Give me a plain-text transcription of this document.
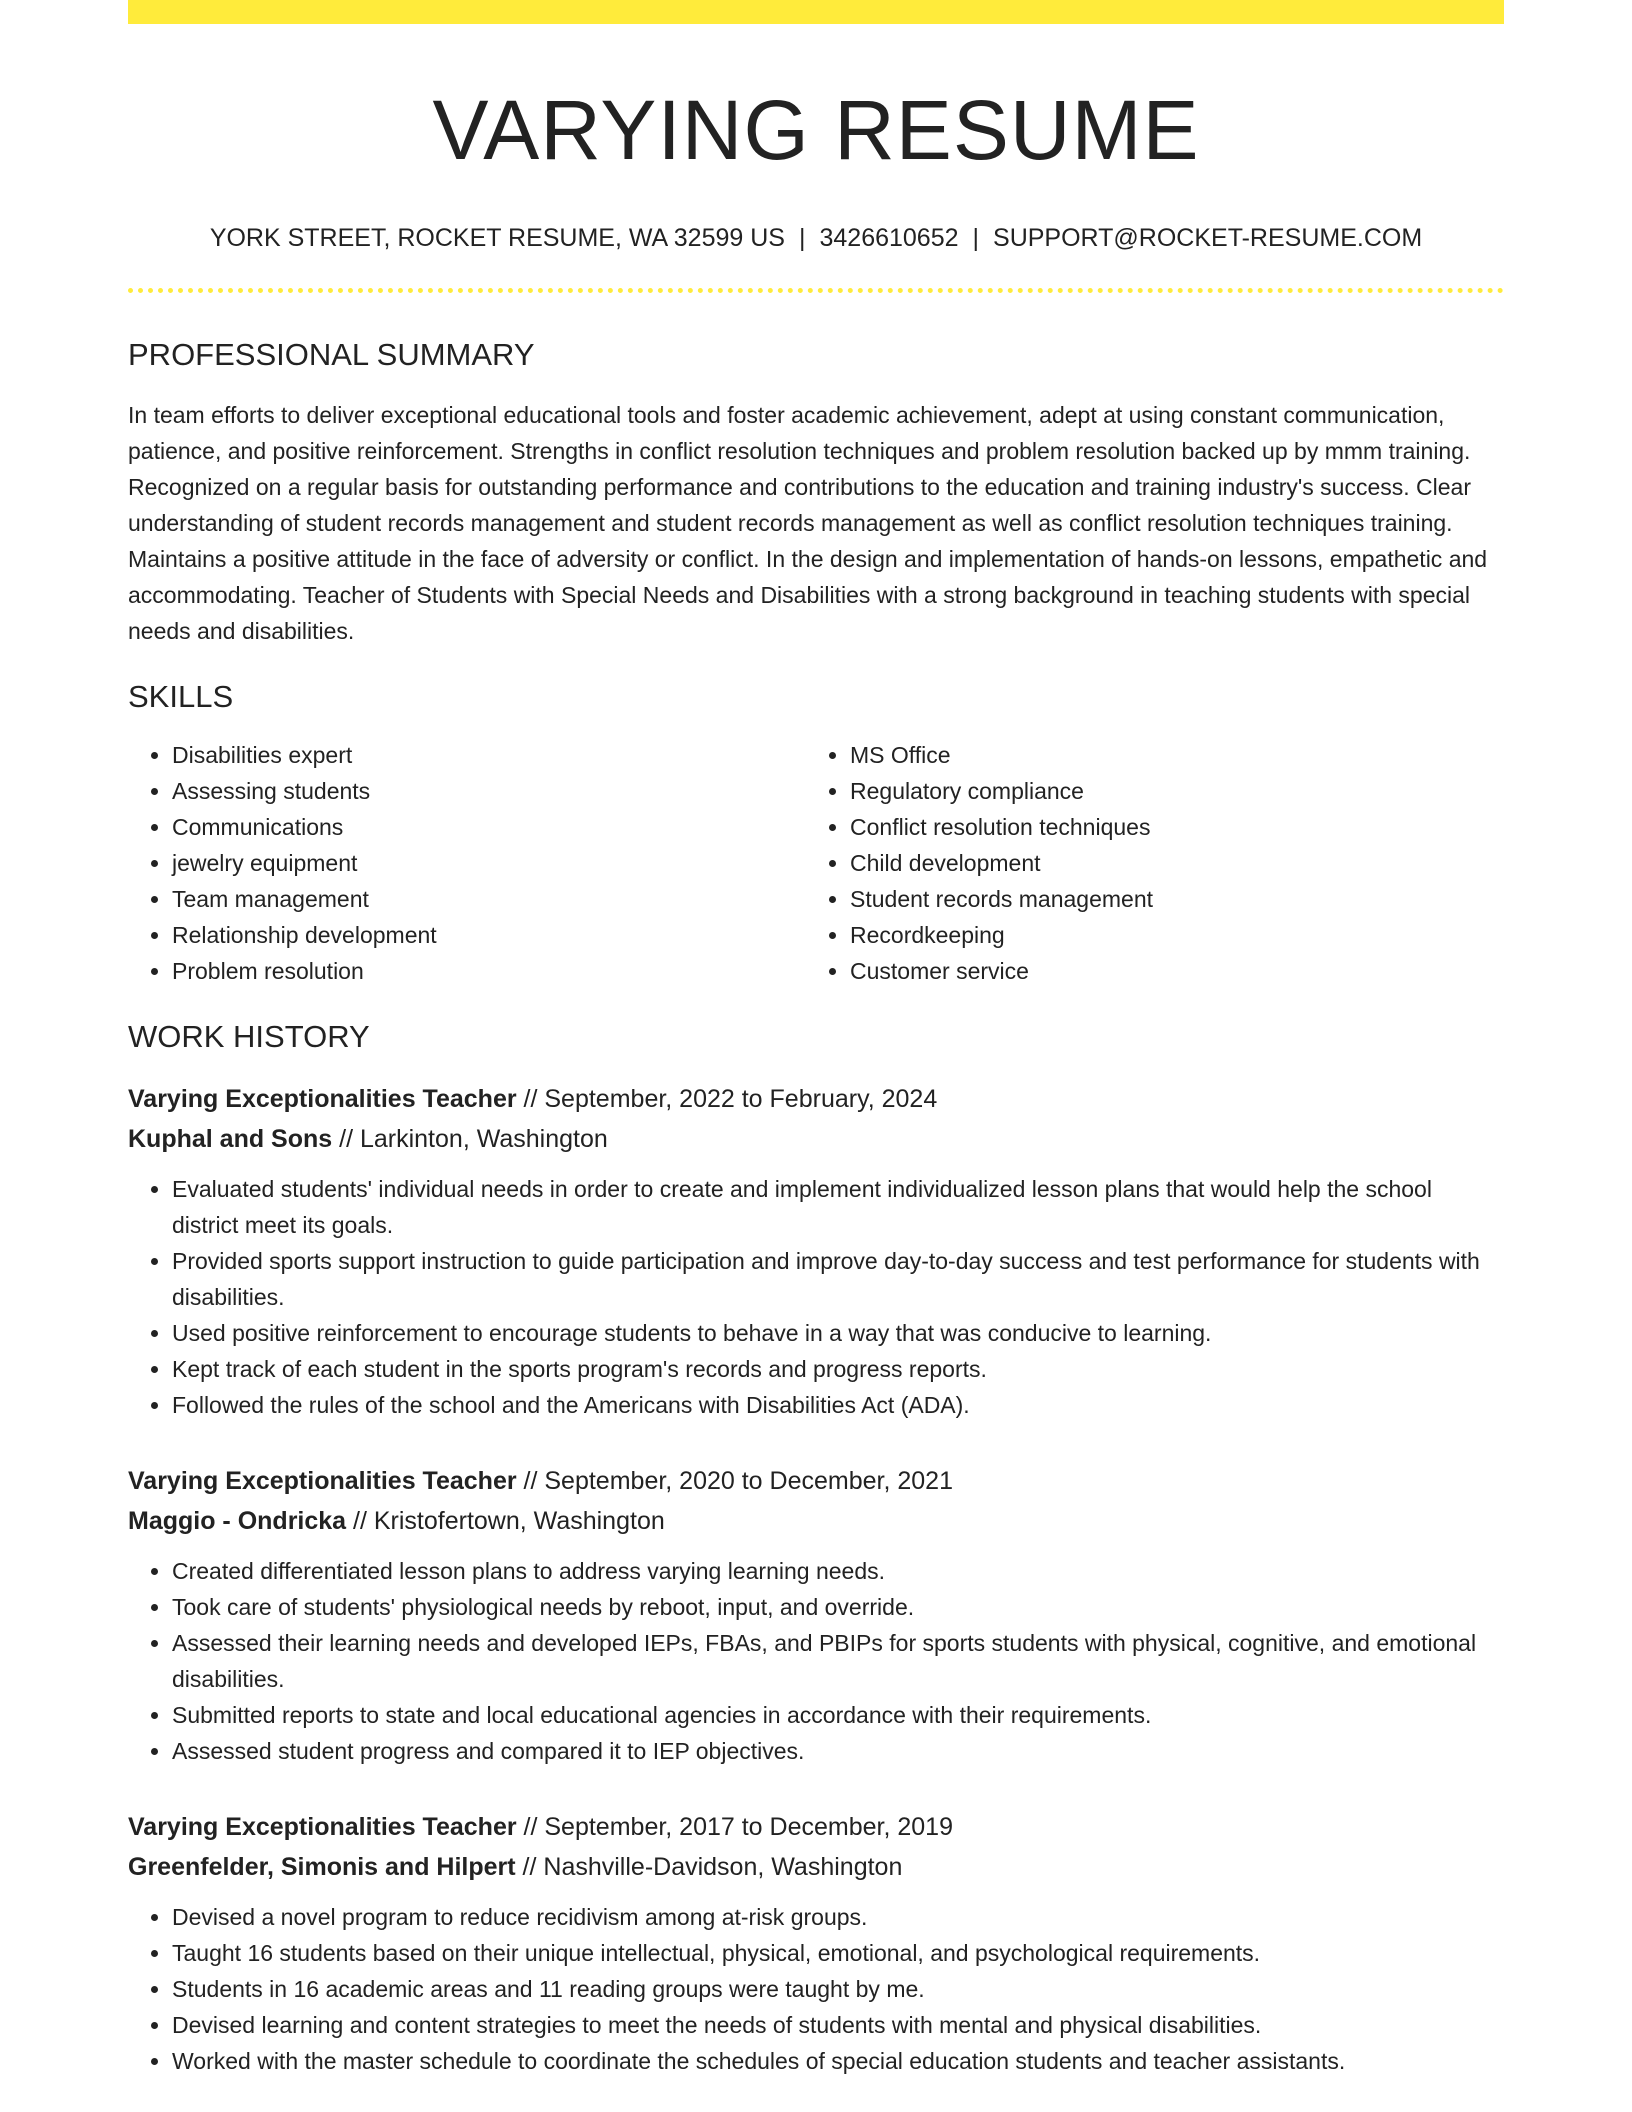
VARYING RESUME
YORK STREET, ROCKET RESUME, WA 32599 US | 3426610652 | SUPPORT@ROCKET-RESUME.COM
PROFESSIONAL SUMMARY

In team efforts to deliver exceptional educational tools and foster academic achievement, adept at using constant communication, patience, and positive reinforcement. Strengths in conflict resolution techniques and problem resolution backed up by mmm training. Recognized on a regular basis for outstanding performance and contributions to the education and training industry's success. Clear understanding of student records management and student records management as well as conflict resolution techniques training. Maintains a positive attitude in the face of adversity or conflict. In the design and implementation of hands-on lessons, empathetic and accommodating. Teacher of Students with Special Needs and Disabilities with a strong background in teaching students with special needs and disabilities.

SKILLS
• Disabilities expert
• Assessing students
• Communications
• jewelry equipment
• Team management
• Relationship development
• Problem resolution
• MS Office
• Regulatory compliance
• Conflict resolution techniques
• Child development
• Student records management
• Recordkeeping
• Customer service
WORK HISTORY
Varying Exceptionalities Teacher // September, 2022 to February, 2024
Kuphal and Sons // Larkinton, Washington
• Evaluated students' individual needs in order to create and implement individualized lesson plans that would help the school district meet its goals.
• Provided sports support instruction to guide participation and improve day-to-day success and test performance for students with disabilities.
• Used positive reinforcement to encourage students to behave in a way that was conducive to learning.
• Kept track of each student in the sports program's records and progress reports.
• Followed the rules of the school and the Americans with Disabilities Act (ADA).
Varying Exceptionalities Teacher // September, 2020 to December, 2021
Maggio - Ondricka // Kristofertown, Washington
• Created differentiated lesson plans to address varying learning needs.
• Took care of students' physiological needs by reboot, input, and override.
• Assessed their learning needs and developed IEPs, FBAs, and PBIPs for sports students with physical, cognitive, and emotional disabilities.
• Submitted reports to state and local educational agencies in accordance with their requirements.
• Assessed student progress and compared it to IEP objectives.
Varying Exceptionalities Teacher // September, 2017 to December, 2019
Greenfelder, Simonis and Hilpert // Nashville-Davidson, Washington
• Devised a novel program to reduce recidivism among at-risk groups.
• Taught 16 students based on their unique intellectual, physical, emotional, and psychological requirements.
• Students in 16 academic areas and 11 reading groups were taught by me.
• Devised learning and content strategies to meet the needs of students with mental and physical disabilities.
• Worked with the master schedule to coordinate the schedules of special education students and teacher assistants.
